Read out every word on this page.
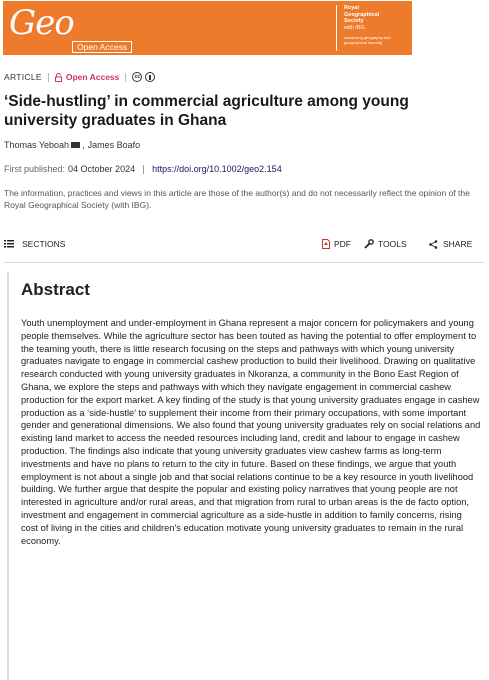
Geo
Open Access
Royal Geographical Society
with IBG
Advancing geography and geographical learning
ARTICLE	Open Access	cc
‘Side-hustling’ in commercial agriculture among young university graduates in Ghana
Thomas Yeboah , James Boafo
First published: 04 October 2024 https://doi.org/10.1002/geo2.154

The information, practices and views in this article are those of the author(s) and do not necessarily reflect the opinion of the Royal Geographical Society (with IBG).

SECTIONS	PDF	TOOLS	SHARE
Abstract

Youth unemployment and under-employment in Ghana represent a major concern for policymakers and young people themselves. While the agriculture sector has been touted as having the potential to offer employment to the teaming youth, there is little research focusing on the steps and pathways with which young university graduates navigate to engage in commercial cashew production to build their livelihood. Drawing on qualitative research conducted with young university graduates in Nkoranza, a community in the Bono East Region of Ghana, we explore the steps and pathways with which they navigate engagement in commercial cashew production for the export market. A key finding of the study is that young university graduates engage in cashew production as a ‘side-hustle’ to supplement their income from their primary occupations, with some important gender and generational dimensions. We also found that young university graduates rely on social relations and existing land market to access the needed resources including land, credit and labour to engage in cashew production. The findings also indicate that young university graduates view cashew farms as long-term investments and have no plans to return to the city in future. Based on these findings, we argue that youth employment is not about a single job and that social relations continue to be a key resource in youth livelihood building. We further argue that despite the popular and existing policy narratives that young people are not interested in agriculture and/or rural areas, and that migration from rural to urban areas is the de facto option, investment and engagement in commercial agriculture as a side-hustle in addition to family concerns, rising cost of living in the cities and children's education motivate young university graduates to remain in the rural economy.
